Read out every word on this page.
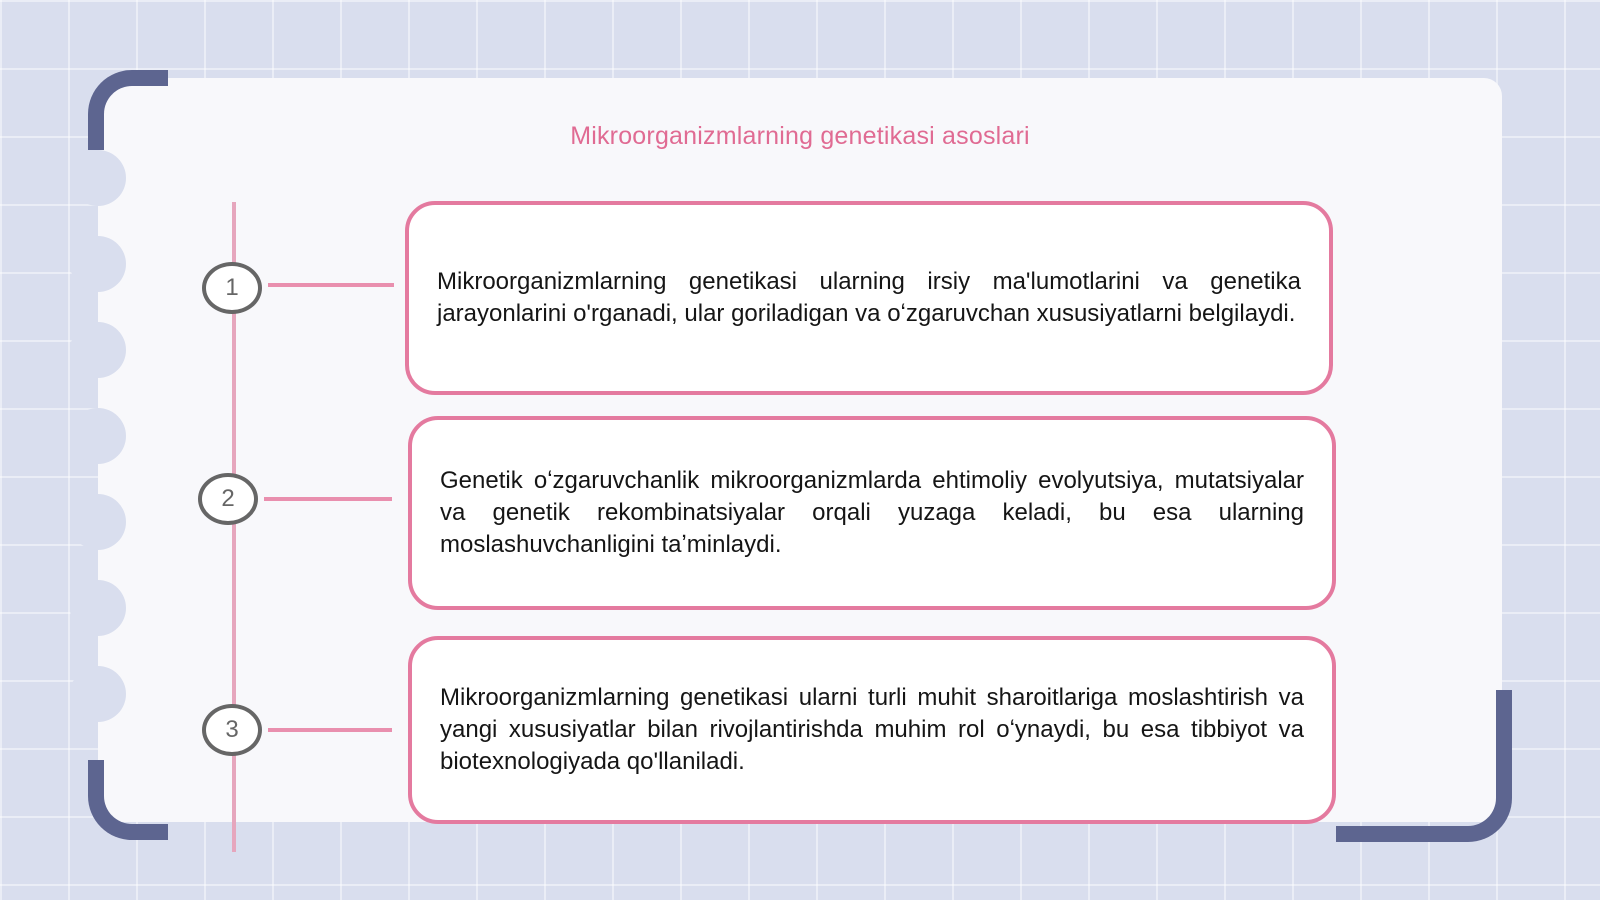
Mikroorganizmlarning genetikasi asoslari
1	Mikroorganizmlarning genetikasi ularning irsiy ma'lumotlarini va genetika jarayonlarini o'rganadi, ular goriladigan va oʻzgaruvchan xususiyatlarni belgilaydi.

2

Genetik oʻzgaruvchanlik mikroorganizmlarda ehtimoliy evolyutsiya, mutatsiyalar va genetik rekombinatsiyalar orqali yuzaga keladi, bu esa ularning moslashuvchanligini taʼminlaydi.

3

Mikroorganizmlarning genetikasi ularni turli muhit sharoitlariga moslashtirish va yangi xususiyatlar bilan rivojlantirishda muhim rol oʻynaydi, bu esa tibbiyot va biotexnologiyada qo'llaniladi.
